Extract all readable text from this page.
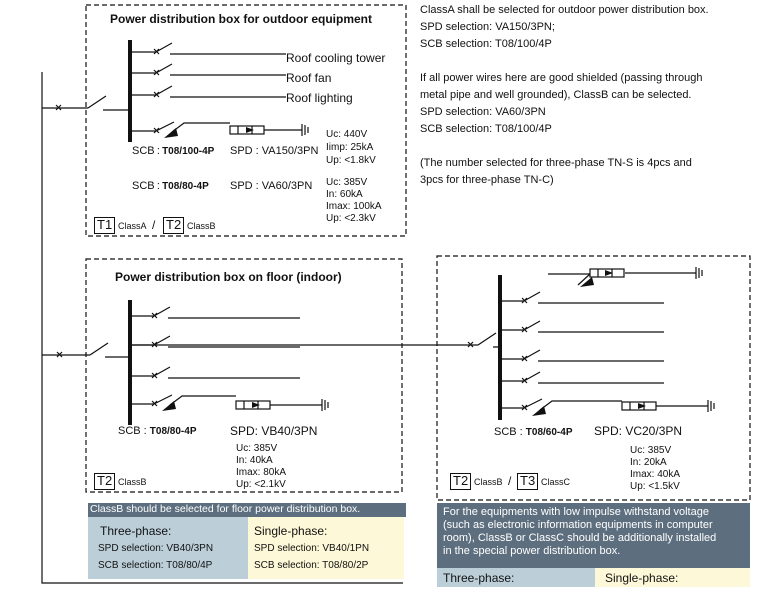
Power distribution box for outdoor equipment
Roof cooling tower
Roof fan
Roof lighting
SCB : T08/100-4P SPD : VA150/3PN
Uc: 440V
Iimp: 25kA
Up: <1.8kV
SCB : T08/80-4P SPD : VA60/3PN Uc: 385V
In: 60kA
Imax: 100kA
Up: <2.3kV
T1 ClassA / T2 ClassB
ClassA shall be selected for outdoor power distribution box.
SPD selection: VA150/3PN;
SCB selection: T08/100/4P
If all power wires here are good shielded (passing through
metal pipe and well grounded), ClassB can be selected.
SPD selection: VA60/3PN
SCB selection: T08/100/4P
(The number selected for three-phase TN-S is 4pcs and
3pcs for three-phase TN-C)
Power distribution box on floor (indoor)
SCB : T08/80-4P	SPD: VB40/3PN
Uc: 385V
In: 40kA
Imax: 80kA
Up: <2.1kV
T2 ClassB
ClassB should be selected for floor power distribution box.
Three-phase:
SPD selection: VB40/3PN
SCB selection: T08/80/4P
Single-phase:
SPD selection: VB40/1PN
SCB selection: T08/80/2P
SCB : T08/60-4P SPD: VC20/3PN
Uc: 385V
In: 20kA
Imax: 40kA
Up: <1.5kV
T2 ClassB / T3 ClassC
For the equipments with low impulse withstand voltage
(such as electronic information equipments in computer
room), ClassB or ClassC should be additionally installed
in the special power distribution box.
Three-phase:	Single-phase:
